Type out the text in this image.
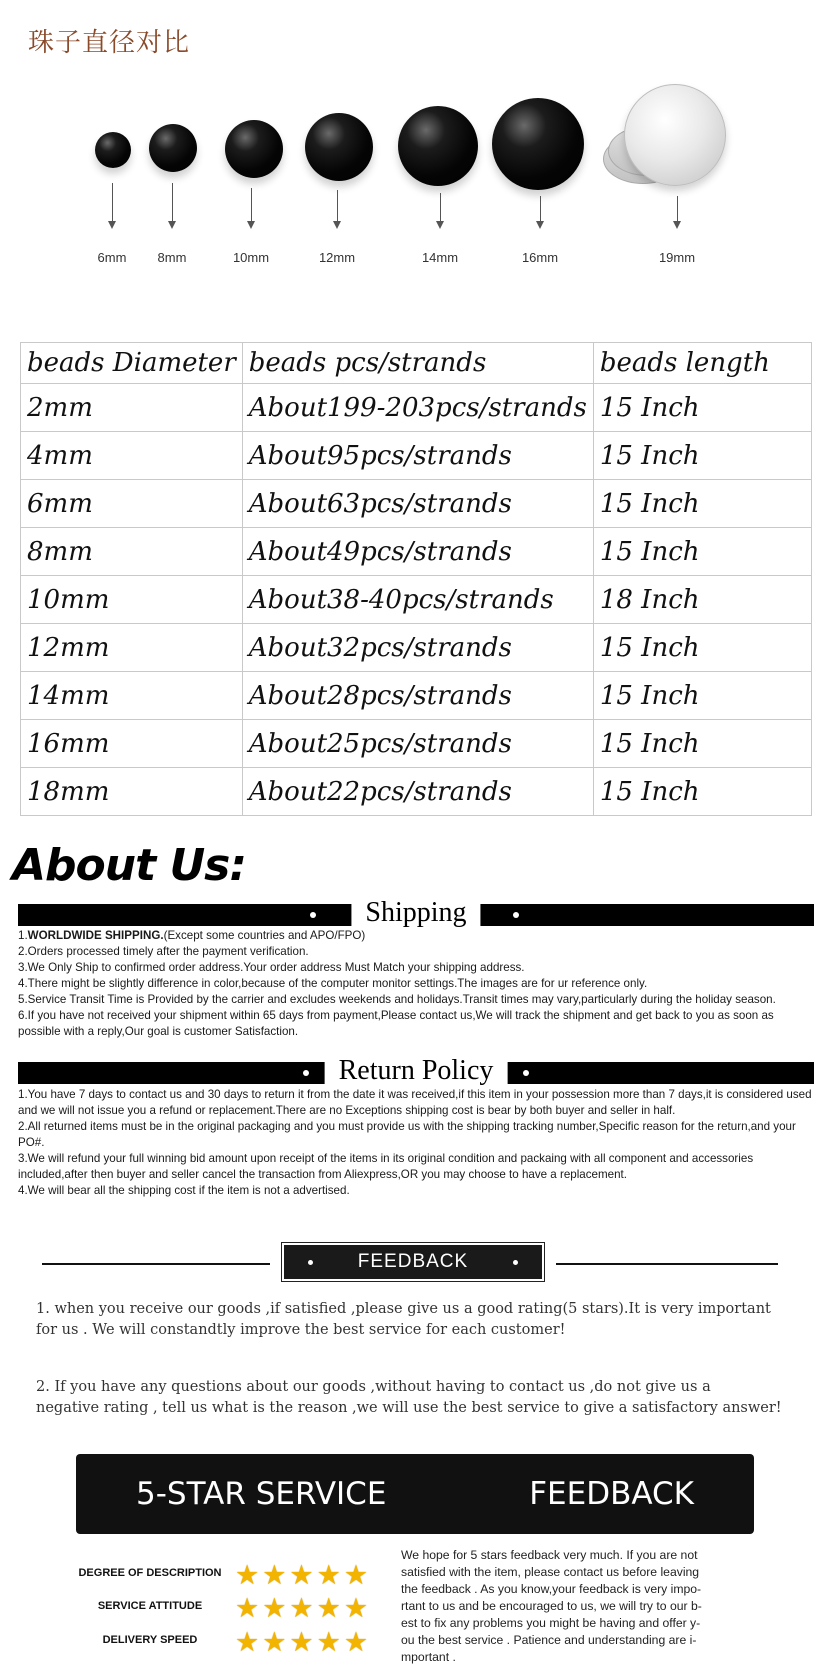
珠子直径对比
6mm	8mm	10mm	12mm	14mm	16mm	19mm
beads Diameter	beads pcs/strands	beads length
2mm	About199-203pcs/strands	15 Inch
4mm	About95pcs/strands	15 Inch
6mm	About63pcs/strands	15 Inch
8mm	About49pcs/strands	15 Inch
10mm	About38-40pcs/strands	18 Inch
12mm	About32pcs/strands	15 Inch
14mm	About28pcs/strands	15 Inch
16mm	About25pcs/strands	15 Inch
18mm	About22pcs/strands	15 Inch
About Us:
Shipping

1.WORLDWIDE SHIPPING.(Except some countries and APO/FPO)

2.Orders processed timely after the payment verification.

3.We Only Ship to confirmed order address.Your order address Must Match your shipping address.

4.There might be slightly difference in color,because of the computer monitor settings.The images are for ur reference only.

5.Service Transit Time is Provided by the carrier and excludes weekends and holidays.Transit times may vary,particularly during the holiday season.

6.If you have not received your shipment within 65 days from payment,Please contact us,We will track the shipment and get back to you as soon as possible with a reply,Our goal is customer Satisfaction.

Return Policy

1.You have 7 days to contact us and 30 days to return it from the date it was received,if this item in your possession more than 7 days,it is considered used and we will not issue you a refund or replacement.There are no Exceptions shipping cost is bear by both buyer and seller in half.

2.All returned items must be in the original packaging and you must provide us with the shipping tracking number,Specific reason for the return,and your PO#.

3.We will refund your full winning bid amount upon receipt of the items in its original condition and packaing with all component and accessories included,after then buyer and seller cancel the transaction from Aliexpress,OR you may choose to have a replacement.

4.We will bear all the shipping cost if the item is not a advertised.

FEEDBACK
1. when you receive our goods ,if satisfied ,please give us a good rating(5 stars).It is very important
for us . We will constandtly improve the best service for each customer!
2. If you have any questions about our goods ,without having to contact us ,do not give us a
negative rating , tell us what is the reason ,we will use the best service to give a satisfactory answer!
5-STAR SERVICE	FEEDBACK
DEGREE OF DESCRIPTION ★★★★★
SERVICE ATTITUDE	★★★★★
DELIVERY SPEED	★★★★★
We hope for 5 stars feedback very much. If you are not
satisfied with the item, please contact us before leaving
the feedback . As you know,your feedback is very impo-
rtant to us and be encouraged to us, we will try to our b-
est to fix any problems you might be having and offer y-
ou the best service . Patience and understanding are i-
mportant .
